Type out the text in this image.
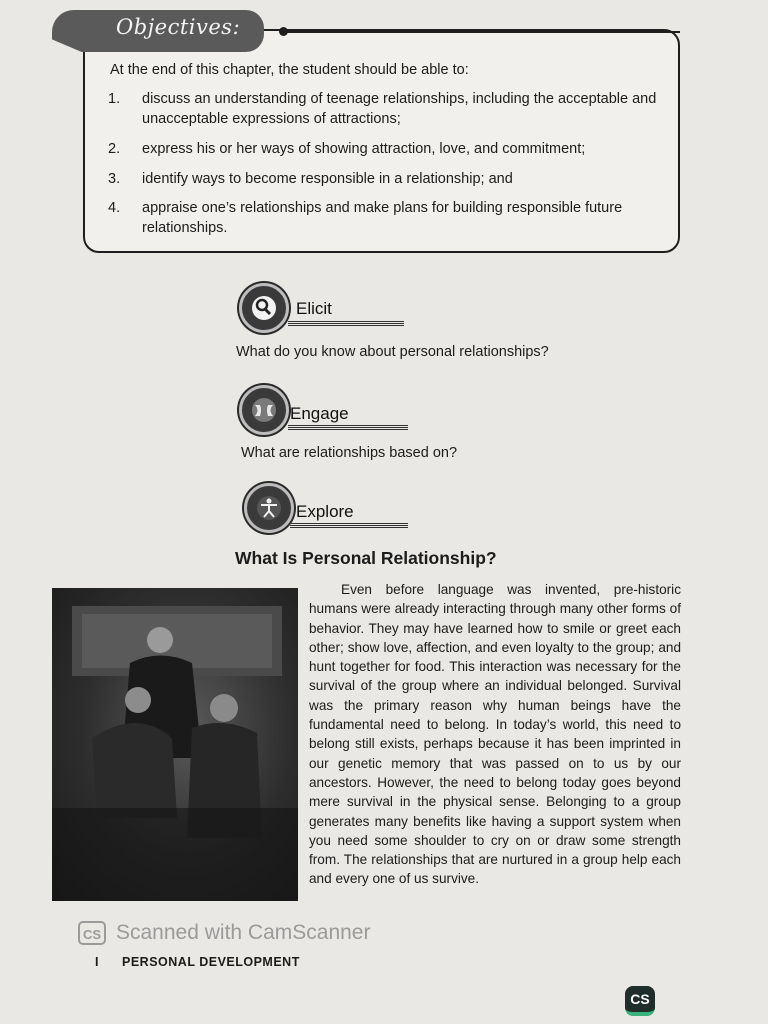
Objectives:
At the end of this chapter, the student should be able to:
1.	discuss an understanding of teenage relationships, including the acceptable and unacceptable expressions of attractions;
2.	express his or her ways of showing attraction, love, and commitment;
3.	identify ways to become responsible in a relationship; and
4.	appraise one’s relationships and make plans for building responsible future relationships.
Elicit
What do you know about personal relationships?
Engage
What are relationships based on?
Explore
What Is Personal Relationship?
Even before language was invented, pre-historic humans were already interacting through many other forms of behavior. They may have learned how to smile or greet each other; show love, affection, and even loyalty to the group; and hunt together for food. This interaction was necessary for the survival of the group where an individual belonged. Survival was the primary reason why human beings have the fundamental need to belong. In today’s world, this need to belong still exists, perhaps because it has been imprinted in our genetic memory that was passed on to us by our ancestors. However, the need to belong today goes beyond mere survival in the physical sense. Belonging to a group generates many benefits like having a support system when you need some shoulder to cry on or draw some strength from. The relationships that are nurtured in a group help each and every one of us survive.
CS Scanned with CamScanner
I PERSONAL DEVELOPMENT
CS
